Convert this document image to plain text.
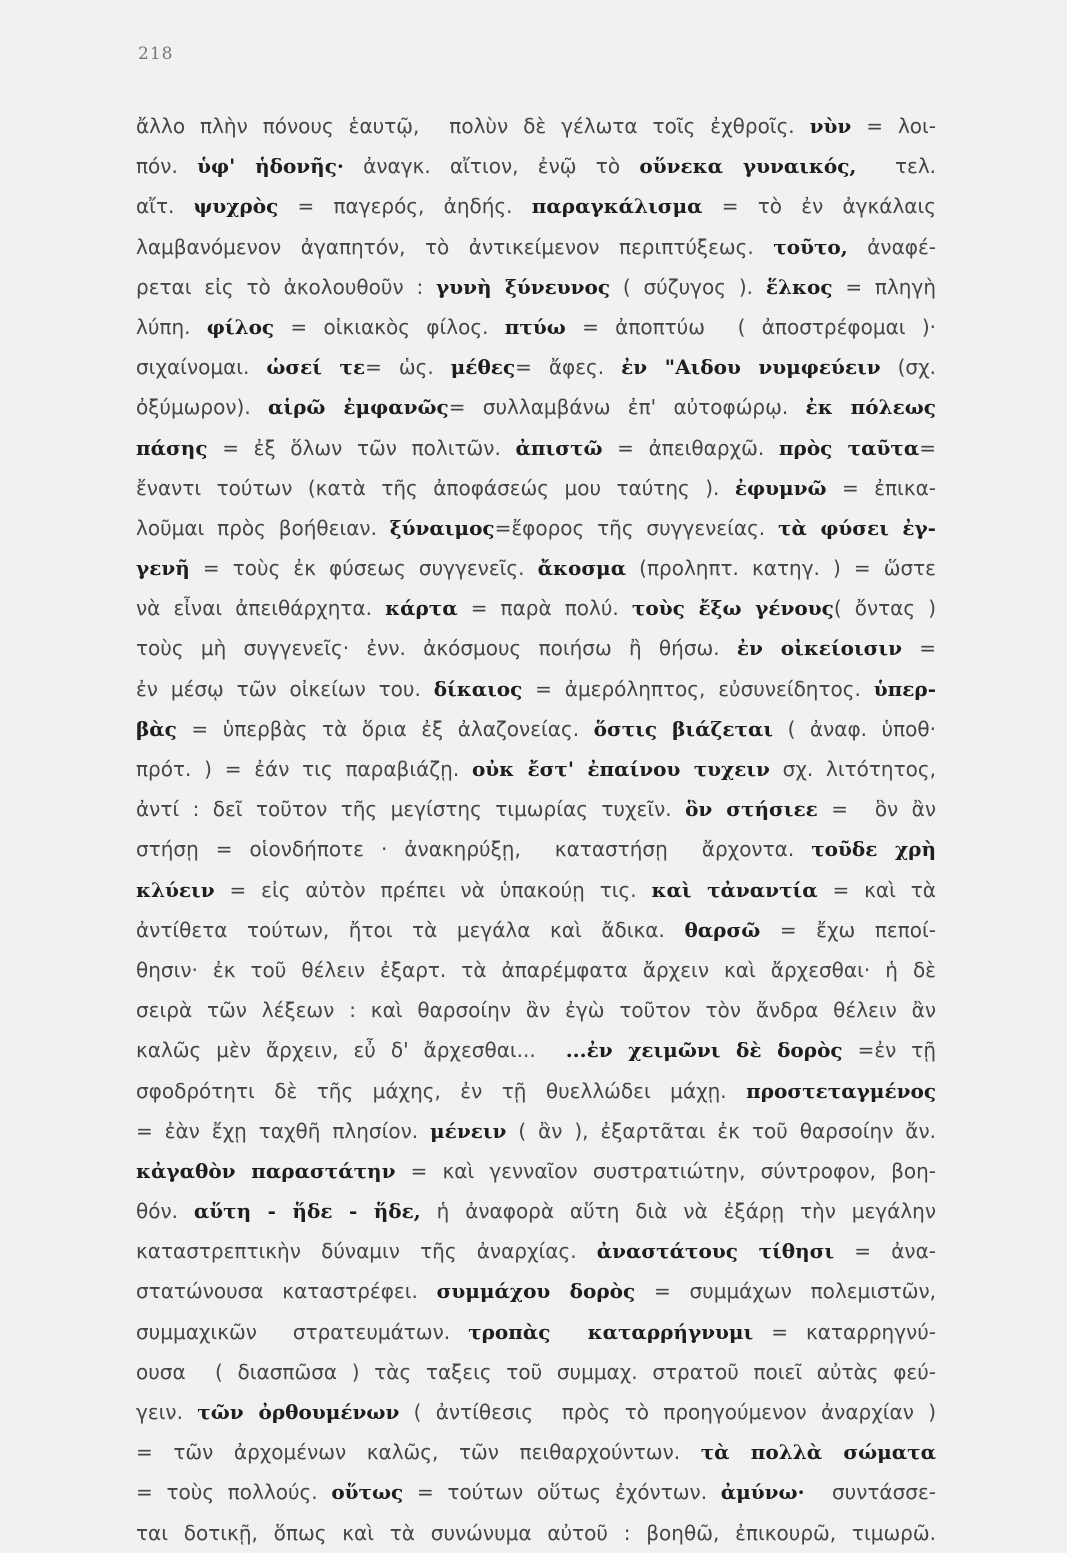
218
ἄλλο πλὴν πόνους ἑαυτῷ,  πολὺν δὲ γέλωτα τοῖς ἐχθροῖς. νὺν = λοι-
πόν. ὑφ' ἡδονῆς· ἀναγκ. αἴτιον, ἐνῷ τὸ οὕνεκα γυναικός,  τελ.
αἴτ. ψυχρὸς = παγερός, ἀηδής. παραγκάλισμα = τὸ ἐν ἀγκάλαις
λαμβανόμενον ἀγαπητόν, τὸ ἀντικείμενον περιπτύξεως. τοῦτο, ἀναφέ-
ρεται εἰς τὸ ἀκολουθοῦν : γυνὴ ξύνευνος ( σύζυγος ). ἕλκος = πληγὴ
λύπη. φίλος = οἰκιακὸς φίλος. πτύω = ἀποπτύω  ( ἀποστρέφομαι )·
σιχαίνομαι. ὡσεί τε= ὡς. μέθες= ἄφες. ἐν "Αιδου νυμφεύειν (σχ.
ὀξύμωρον). αἱρῶ ἐμφανῶς= συλλαμβάνω ἐπ' αὐτοφώρῳ. ἐκ πόλεως
πάσης = ἐξ ὅλων τῶν πολιτῶν. ἀπιστῶ = ἀπειθαρχῶ. πρὸς ταῦτα=
ἔναντι τούτων (κατὰ τῆς ἀποφάσεώς μου ταύτης ). ἐφυμνῶ = ἐπικα-
λοῦμαι πρὸς βοήθειαν. ξύναιμος=ἔφορος τῆς συγγενείας. τὰ φύσει ἐγ-
γενῆ = τοὺς ἐκ φύσεως συγγενεῖς. ἄκοσμα (προληπτ. κατηγ. ) = ὥστε
νὰ εἶναι ἀπειθάρχητα. κάρτα = παρὰ πολύ. τοὺς ἔξω γένους( ὄντας )
τοὺς μὴ συγγενεῖς· ἐνν. ἀκόσμους ποιήσω ἢ θήσω. ἐν οἰκείοισιν =
ἐν μέσῳ τῶν οἰκείων του. δίκαιος = ἀμερόληπτος, εὐσυνείδητος. ὑπερ-
βὰς = ὑπερβὰς τὰ ὅρια ἐξ ἀλαζονείας. ὅστις βιάζεται ( ἀναφ. ὑποθ·
πρότ. ) = ἐάν τις παραβιάζῃ. οὐκ ἔστ' ἐπαίνου τυχειν σχ. λιτότητος,
ἀντί : δεῖ τοῦτον τῆς μεγίστης τιμωρίας τυχεῖν. ὃν στήσιεε =  ὃν ἂν
στήσῃ = οἱονδήποτε · ἀνακηρύξῃ,  καταστήσῃ  ἄρχοντα. τοῦδε χρὴ
κλύειν = εἰς αὐτὸν πρέπει νὰ ὑπακούῃ τις. καὶ τἀναντία = καὶ τὰ
ἀντίθετα τούτων, ἤτοι τὰ μεγάλα καὶ ἄδικα. θαρσῶ = ἔχω πεποί-
θησιν· ἐκ τοῦ θέλειν ἐξαρτ. τὰ ἀπαρέμφατα ἄρχειν καὶ ἄρχεσθαι· ἡ δὲ
σειρὰ τῶν λέξεων : καὶ θαρσοίην ἂν ἐγὼ τοῦτον τὸν ἄνδρα θέλειν ἂν
καλῶς μὲν ἄρχειν, εὖ δ' ἄρχεσθαι...  ...ἐν χειμῶνι δὲ δορὸς =ἐν τῇ
σφοδρότητι δὲ τῆς μάχης, ἐν τῇ θυελλώδει μάχῃ. προστεταγμένος
= ἐὰν ἔχῃ ταχθῆ πλησίον. μένειν ( ἂν ), ἐξαρτᾶται ἐκ τοῦ θαρσοίην ἄν.
κἀγαθὸν παραστάτην = καὶ γενναῖον συστρατιώτην, σύντροφον, βοη-
θόν. αὕτη - ἥδε - ἥδε, ἡ ἀναφορὰ αὕτη διὰ νὰ ἐξάρῃ τὴν μεγάλην
καταστρεπτικὴν δύναμιν τῆς ἀναρχίας. ἀναστάτους τίθησι = ἀνα-
στατώνουσα καταστρέφει. συμμάχου δορὸς = συμμάχων πολεμιστῶν,
συμμαχικῶν  στρατευμάτων. τροπὰς  καταρρήγνυμι = καταρρηγνύ-
ουσα  ( διασπῶσα ) τὰς ταξεις τοῦ συμμαχ. στρατοῦ ποιεῖ αὐτὰς φεύ-
γειν. τῶν ὀρθουμένων ( ἀντίθεσις  πρὸς τὸ προηγούμενον ἀναρχίαν )
= τῶν ἀρχομένων καλῶς, τῶν πειθαρχούντων. τὰ πολλὰ σώματα
= τοὺς πολλούς. οὕτως = τούτων οὕτως ἐχόντων. ἀμύνω·  συντάσσε-
ται δοτικῇ, ὅπως καὶ τὰ συνώνυμα αὐτοῦ : βοηθῶ, ἐπικουρῶ, τιμωρῶ.
